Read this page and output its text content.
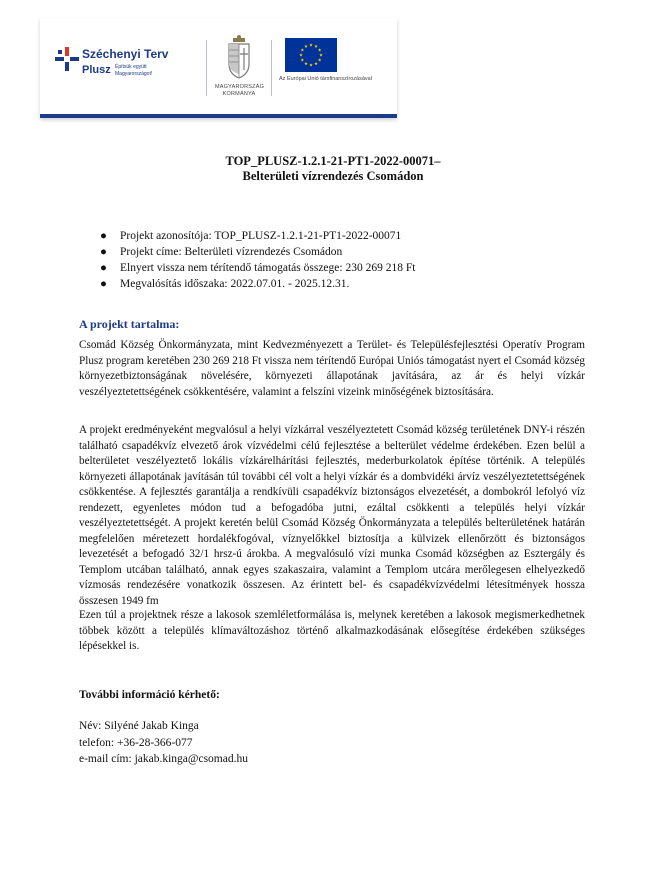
Széchenyi Terv
Plusz Építsük együtt Magyarországot!
MAGYARORSZÁG KORMÁNYA
Az Európai Unió társfinanszírozásával
TOP_PLUSZ-1.2.1-21-PT1-2022-00071–
Belterületi vízrendezés Csomádon
● Projekt azonosítója: TOP_PLUSZ-1.2.1-21-PT1-2022-00071
● Projekt címe: Belterületi vízrendezés Csomádon
● Elnyert vissza nem térítendő támogatás összege: 230 269 218 Ft
● Megvalósítás időszaka: 2022.07.01. - 2025.12.31.
A projekt tartalma:

Csomád Község Önkormányzata, mint Kedvezményezett a Terület- és Településfejlesztési Operatív Program Plusz program keretében 230 269 218 Ft vissza nem térítendő Európai Uniós támogatást nyert el Csomád község környezetbiztonságának növelésére, környezeti állapotának javítására, az ár és helyi vízkár veszélyeztetettségének csökkentésére, valamint a felszíni vizeink minőségének biztosítására.

A projekt eredményeként megvalósul a helyi vízkárral veszélyeztetett Csomád község területének DNY-i részén található csapadékvíz elvezető árok vízvédelmi célú fejlesztése a belterület védelme érdekében. Ezen belül a belterületet veszélyeztető lokális vízkárelhárítási fejlesztés, mederburkolatok építése történik. A település környezeti állapotának javításán túl további cél volt a helyi vízkár és a dombvidéki árvíz veszélyeztetettségének csökkentése. A fejlesztés garantálja a rendkívüli csapadékvíz biztonságos elvezetését, a dombokról lefolyó víz rendezett, egyenletes módon tud a befogadóba jutni, ezáltal csökkenti a település helyi vízkár veszélyeztetettségét. A projekt keretén belül Csomád Község Önkormányzata a település belterületének határán megfelelően méretezett hordalékfogóval, víznyelőkkel biztosítja a külvizek ellenőrzött és biztonságos levezetését a befogadó 32/1 hrsz-ú árokba. A megvalósuló vízi munka Csomád községben az Esztergály és Templom utcában található, annak egyes szakaszaira, valamint a Templom utcára merőlegesen elhelyezkedő vízmosás rendezésére vonatkozik összesen. Az érintett bel- és csapadékvízvédelmi létesítmények hossza összesen 1949 fm

Ezen túl a projektnek része a lakosok szemléletformálása is, melynek keretében a lakosok megismerkedhetnek többek között a település klímaváltozáshoz történő alkalmazkodásának elősegítése érdekében szükséges lépésekkel is.

További információ kérhető:
Név: Silyéné Jakab Kinga
telefon: +36-28-366-077
e-mail cím: jakab.kinga@csomad.hu
